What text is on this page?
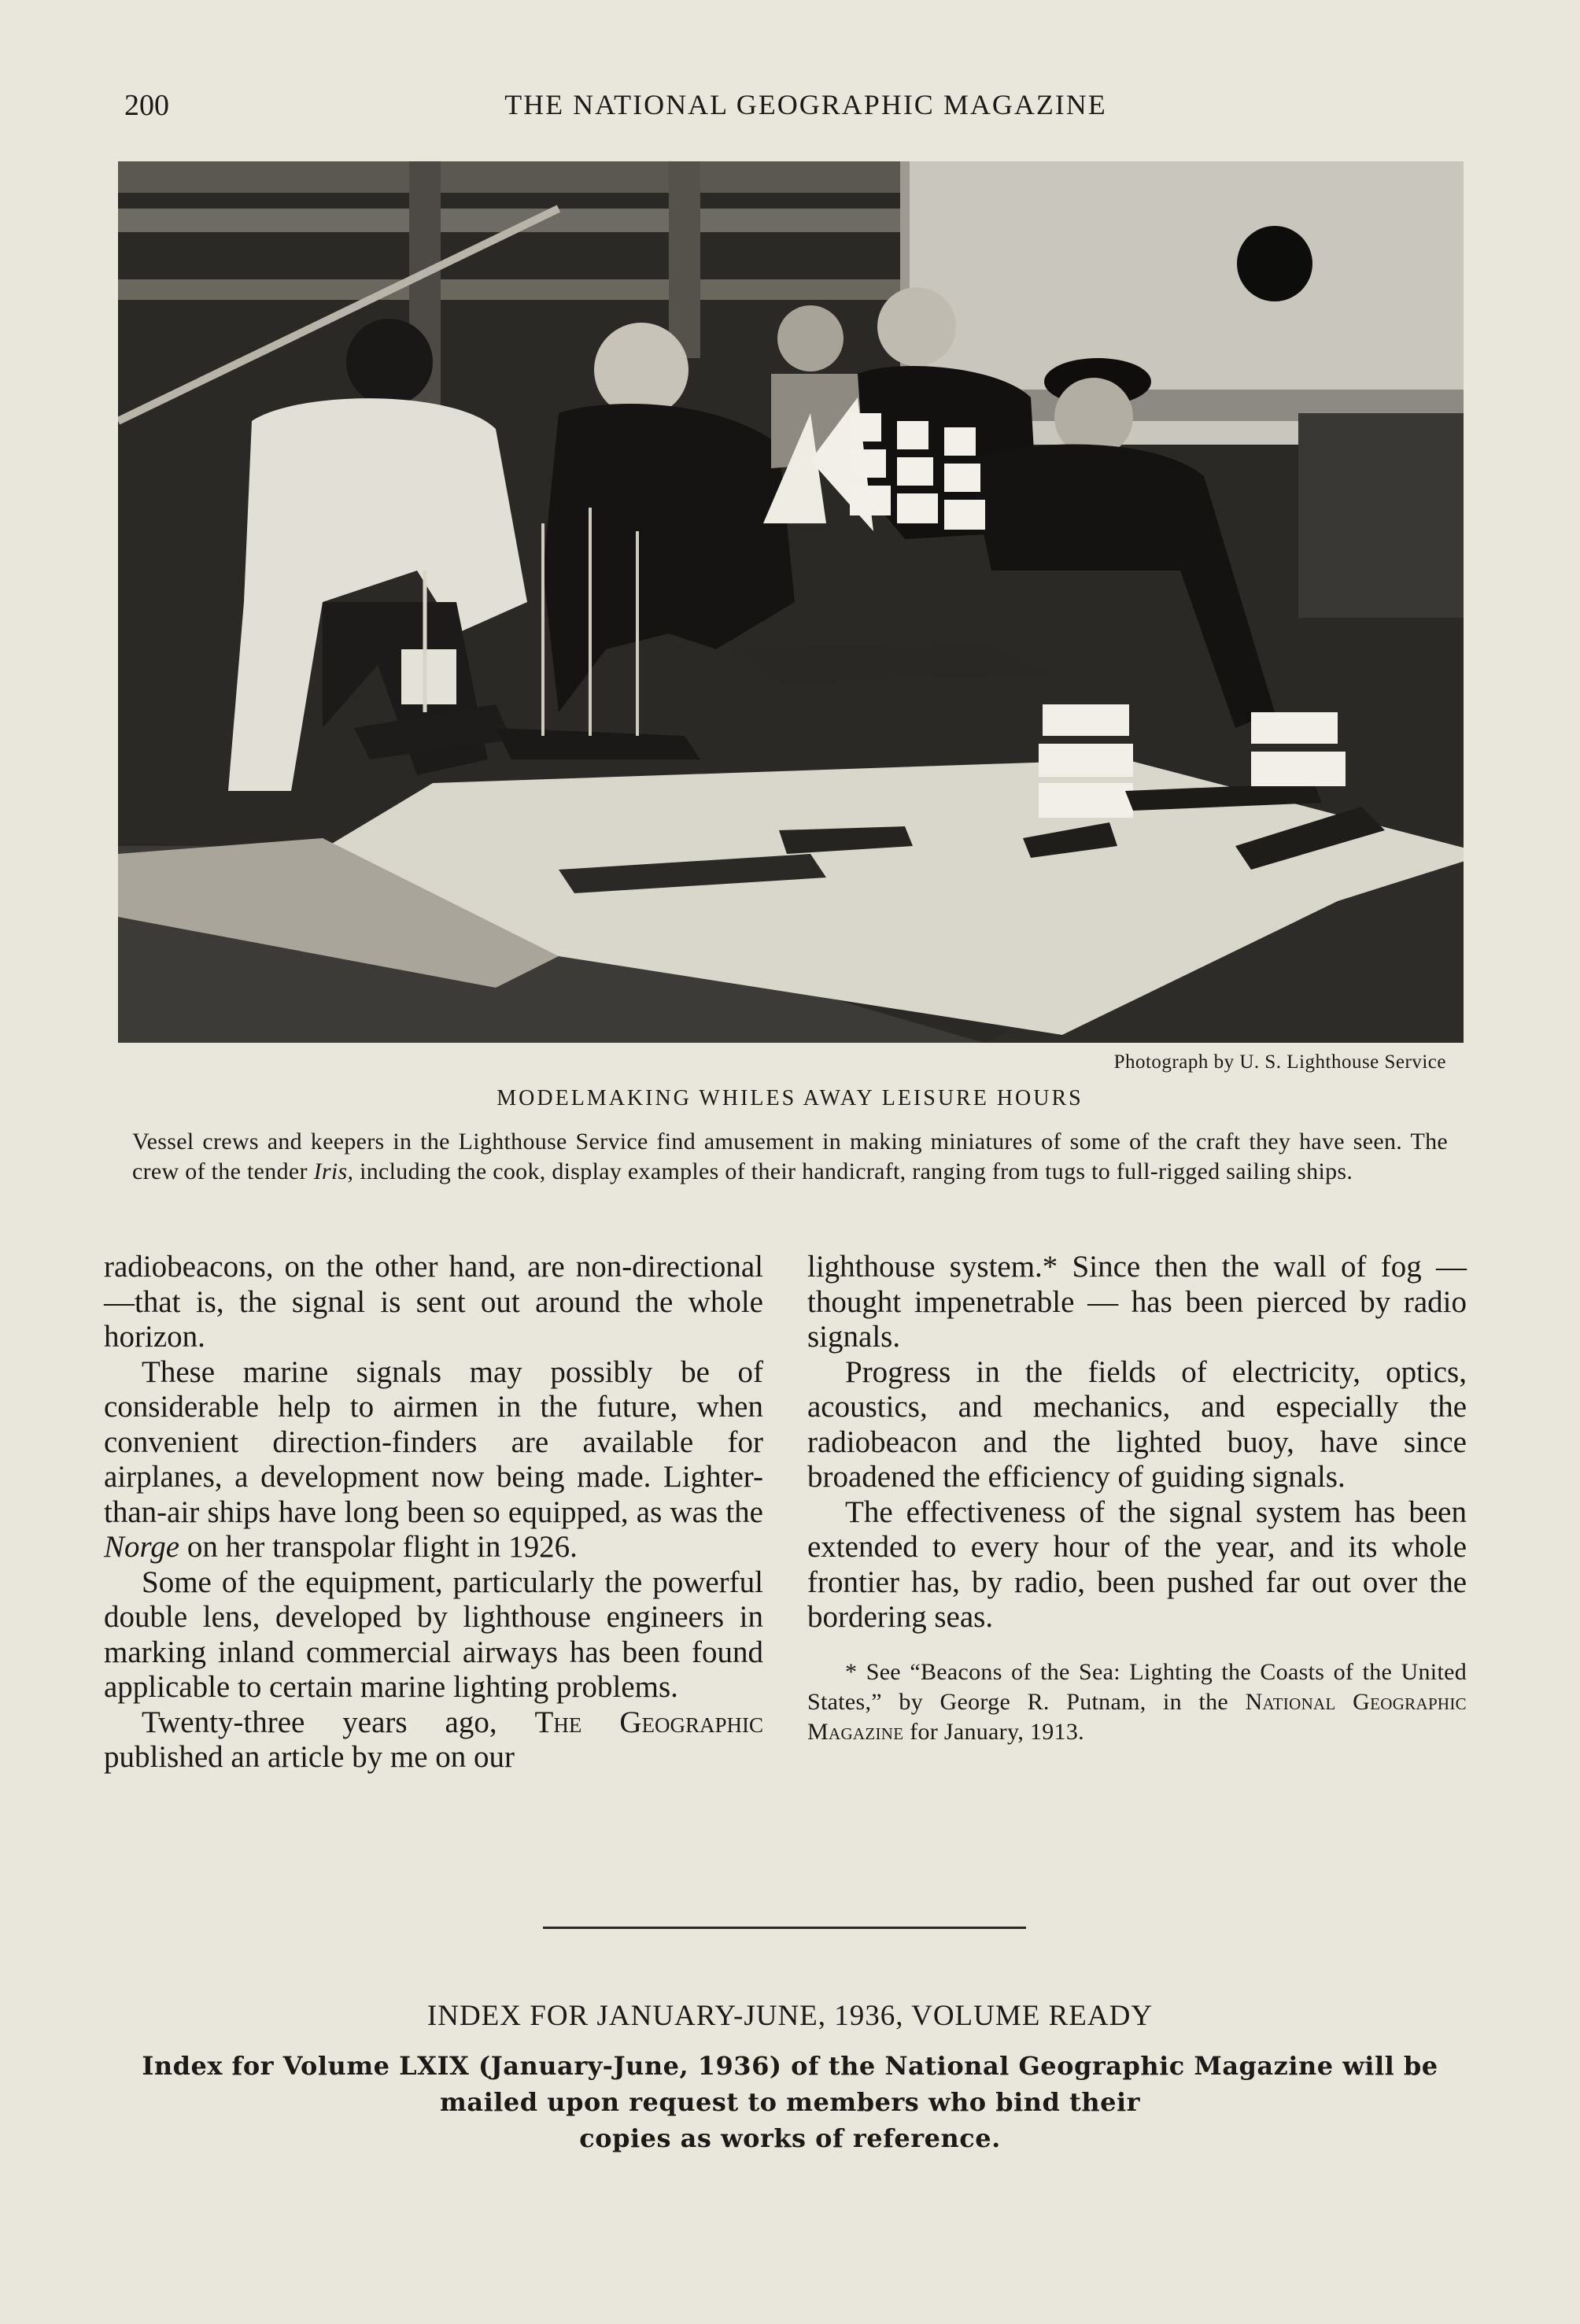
200	THE NATIONAL GEOGRAPHIC MAGAZINE
Photograph by U. S. Lighthouse Service
MODELMAKING WHILES AWAY LEISURE HOURS
Vessel crews and keepers in the Lighthouse Service find amusement in making miniatures of some of the craft they have seen. The crew of the tender Iris, including the cook, display examples of their handicraft, ranging from tugs to full-rigged sailing ships.

radiobeacons, on the other hand, are non-directional—that is, the signal is sent out around the whole horizon.

These marine signals may possibly be of considerable help to airmen in the future, when convenient direction-finders are available for airplanes, a development now being made. Lighter-than-air ships have long been so equipped, as was the Norge on her transpolar flight in 1926.

Some of the equipment, particularly the powerful double lens, developed by lighthouse engineers in marking inland commercial airways has been found applicable to certain marine lighting problems.

Twenty-three years ago, The Geographic published an article by me on our

lighthouse system.* Since then the wall of fog — thought impenetrable — has been pierced by radio signals.

Progress in the fields of electricity, optics, acoustics, and mechanics, and especially the radiobeacon and the lighted buoy, have since broadened the efficiency of guiding signals.

The effectiveness of the signal system has been extended to every hour of the year, and its whole frontier has, by radio, been pushed far out over the bordering seas.

* See “Beacons of the Sea: Lighting the Coasts of the United States,” by George R. Putnam, in the National Geographic Magazine for January, 1913.
INDEX FOR JANUARY-JUNE, 1936, VOLUME READY
Index for Volume LXIX (January-June, 1936) of the National Geographic Magazine will be
mailed upon request to members who bind their
copies as works of reference.
